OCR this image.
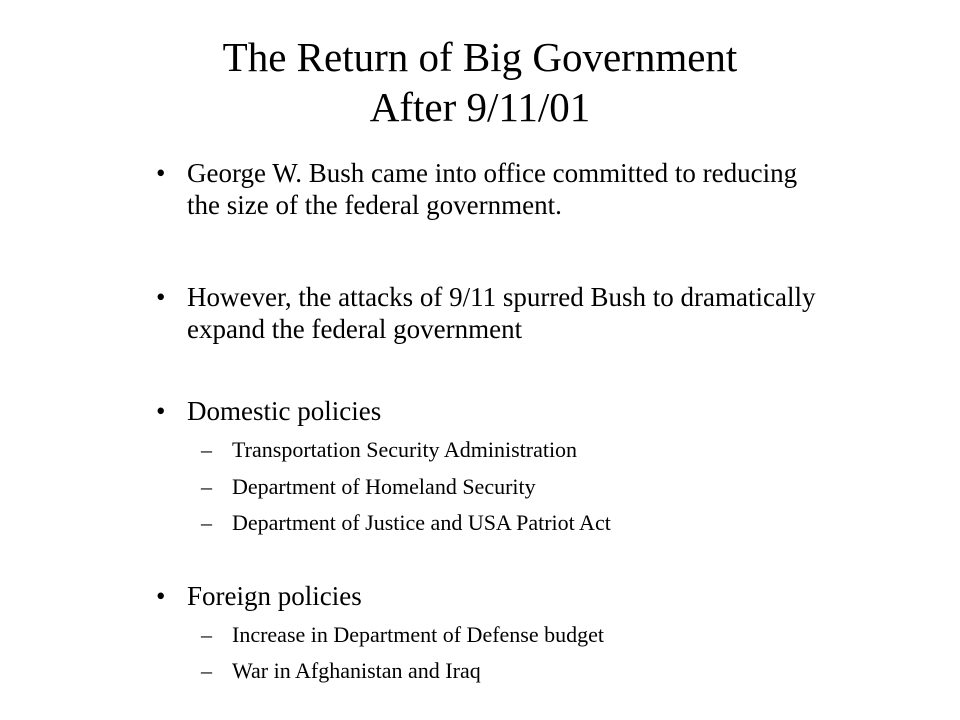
The Return of Big Government
After 9/11/01
• George W. Bush came into office committed to reducing
the size of the federal government.
• However, the attacks of 9/11 spurred Bush to dramatically
expand the federal government
• Domestic policies
– Transportation Security Administration
– Department of Homeland Security
– Department of Justice and USA Patriot Act
• Foreign policies
– Increase in Department of Defense budget
– War in Afghanistan and Iraq
